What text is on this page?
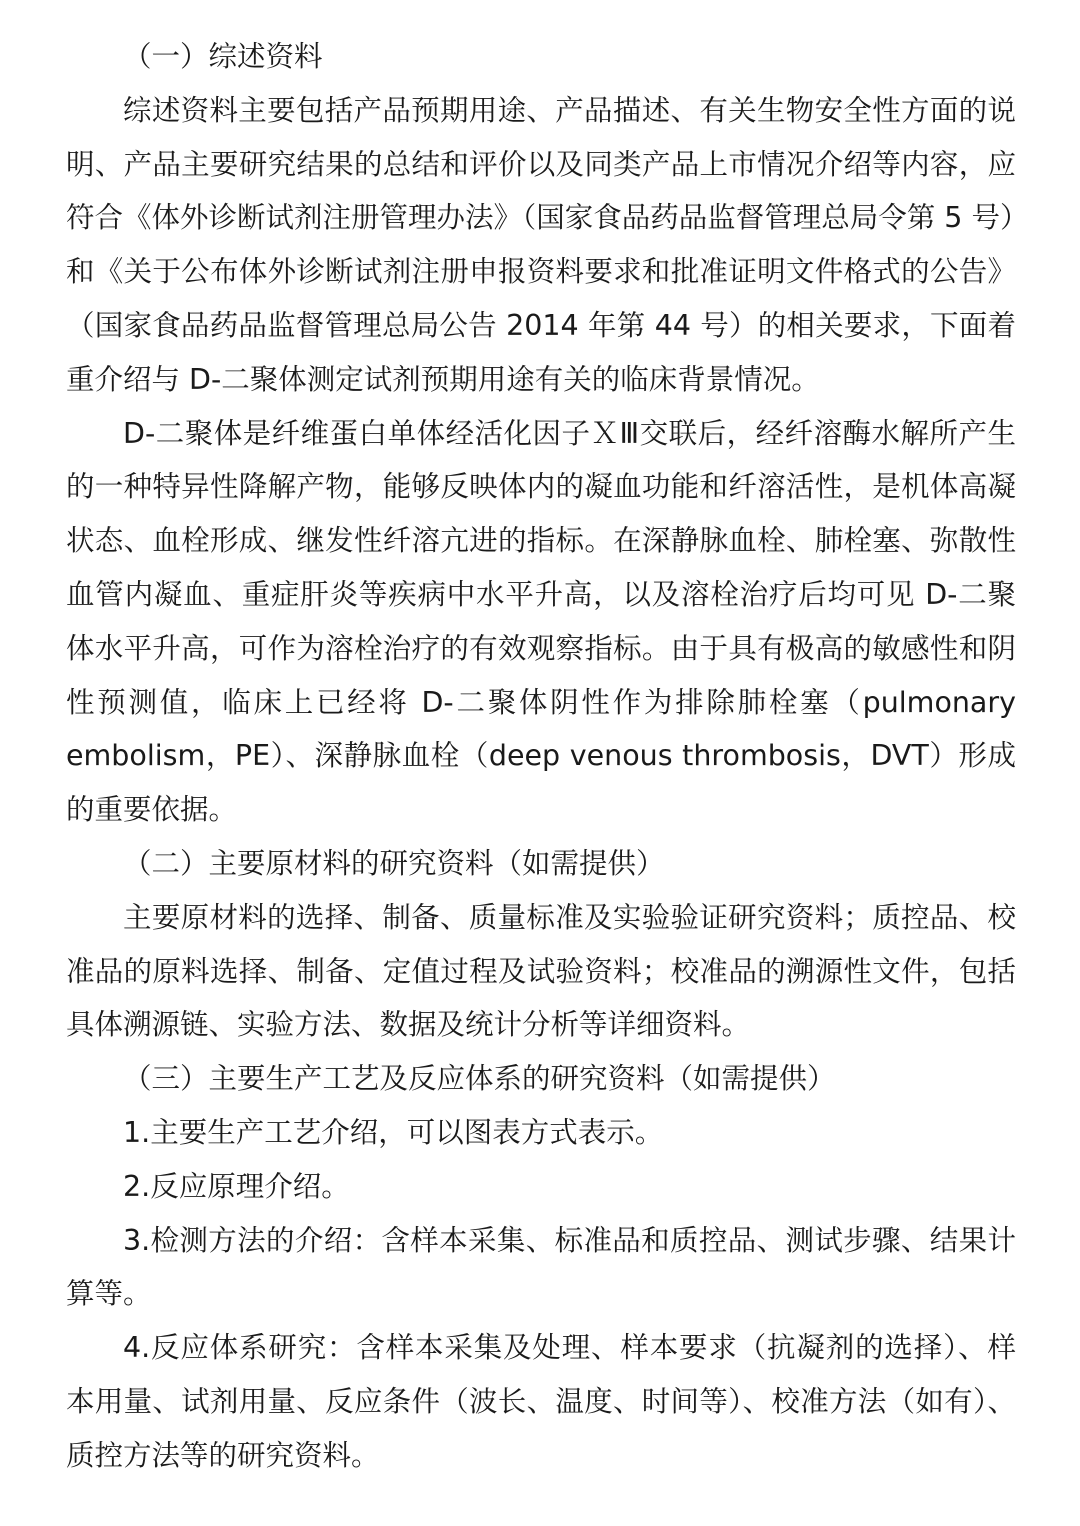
（一）综述资料
综述资料主要包括产品预期用途、产品描述、有关生物安全性方面的说
明、产品主要研究结果的总结和评价以及同类产品上市情况介绍等内容，应
符合《体外诊断试剂注册管理办法》（国家食品药品监督管理总局令第 5 号）
和《关于公布体外诊断试剂注册申报资料要求和批准证明文件格式的公告》
（国家食品药品监督管理总局公告 2014 年第 44 号）的相关要求，下面着
重介绍与 D-二聚体测定试剂预期用途有关的临床背景情况。
D-二聚体是纤维蛋白单体经活化因子ＸⅢ交联后，经纤溶酶水解所产生
的一种特异性降解产物，能够反映体内的凝血功能和纤溶活性，是机体高凝
状态、血栓形成、继发性纤溶亢进的指标。在深静脉血栓、肺栓塞、弥散性
血管内凝血、重症肝炎等疾病中水平升高，以及溶栓治疗后均可见 D-二聚
体水平升高，可作为溶栓治疗的有效观察指标。由于具有极高的敏感性和阴
性预测值，临床上已经将 D-二聚体阴性作为排除肺栓塞（pulmonary
embolism，PE）、深静脉血栓（deep venous thrombosis，DVT）形成
的重要依据。
（二）主要原材料的研究资料（如需提供）
主要原材料的选择、制备、质量标准及实验验证研究资料；质控品、校
准品的原料选择、制备、定值过程及试验资料；校准品的溯源性文件，包括
具体溯源链、实验方法、数据及统计分析等详细资料。
（三）主要生产工艺及反应体系的研究资料（如需提供）
1.主要生产工艺介绍，可以图表方式表示。
2.反应原理介绍。
3.检测方法的介绍：含样本采集、标准品和质控品、测试步骤、结果计
算等。
4.反应体系研究：含样本采集及处理、样本要求（抗凝剂的选择）、样
本用量、试剂用量、反应条件（波长、温度、时间等）、校准方法（如有）、
质控方法等的研究资料。
